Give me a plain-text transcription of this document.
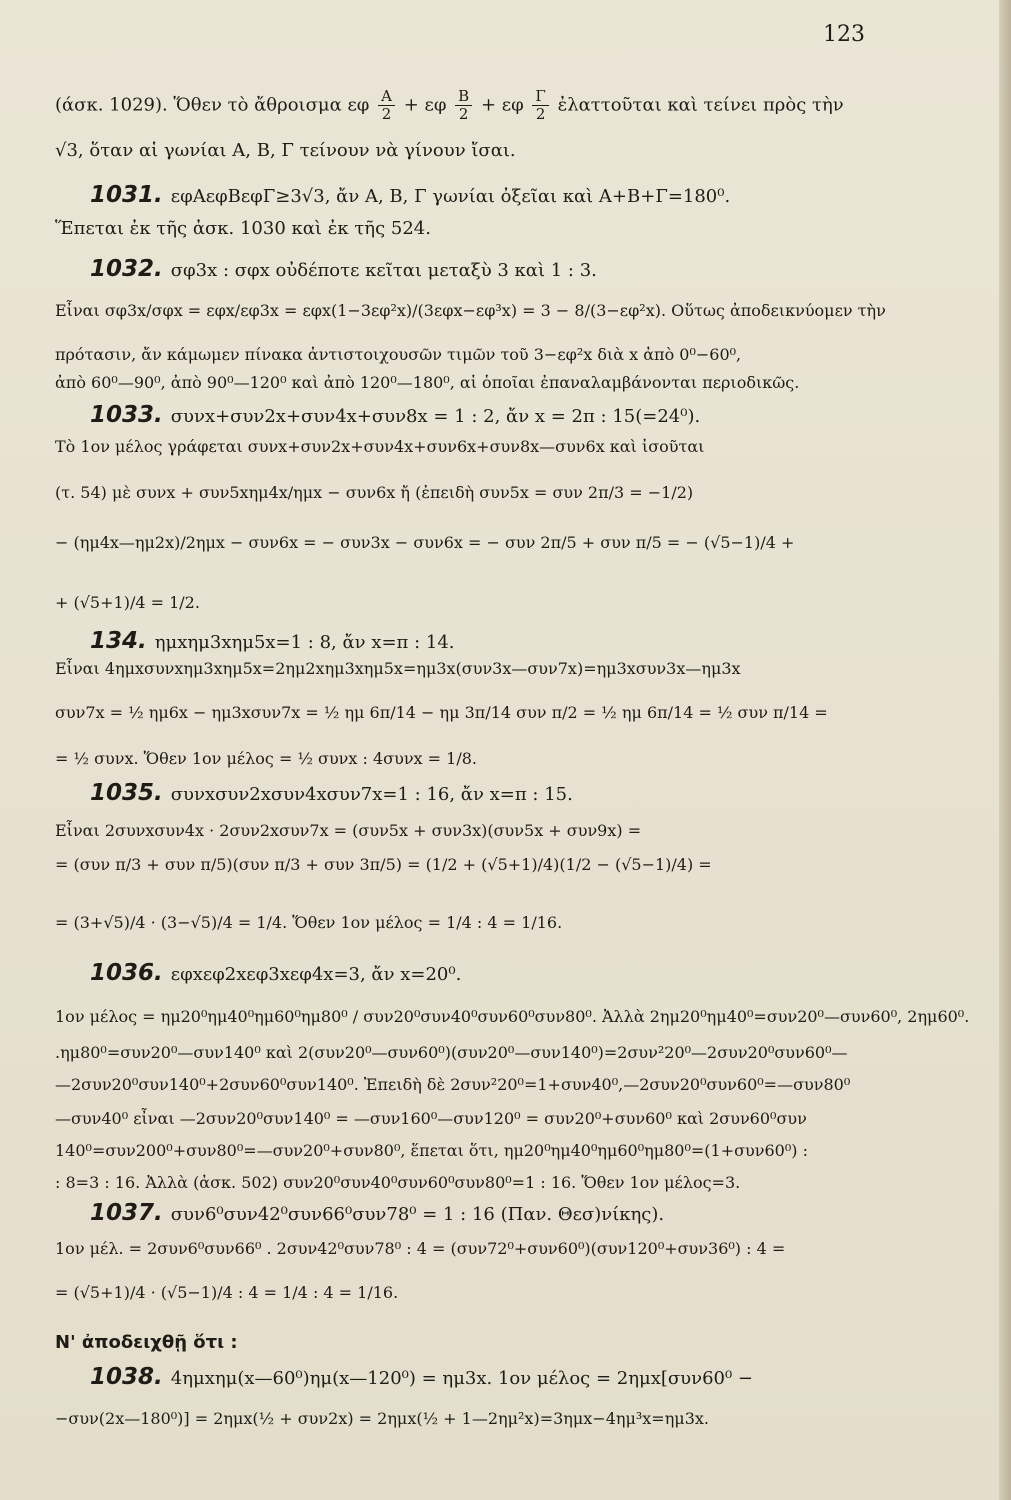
123
(άσκ. 1029). Ὅθεν τὸ ἄθροισμα εφ $\frac{A}{2} + \varepsilon\varphi \frac{B}{2} + \varepsilon\varphi \frac{\Gamma}{2}$ ἐλαττοῦται καὶ τείνει πρὸς τὴν
√3, ὅταν αἱ γωνίαι Α, Β, Γ τείνουν νὰ γίνουν ἴσαι.
1031. εφΑεφΒεφΓ≥3√3, ἄν Α, Β, Γ γωνίαι ὀξεῖαι καὶ Α+Β+Γ=180⁰.
Ἕπεται ἐκ τῆς ἀσκ. 1030 καὶ ἐκ τῆς 524.
1032. σφ3x : σφx οὐδέποτε κεῖται μεταξὺ 3 καὶ 1 : 3.
Εἶναι σφ3x/σφx = εφx/εφ3x = εφx(1−3εφ²x)/(3εφx−εφ³x) = 3 − 8/(3−εφ²x). Οὕτως ἀποδεικνύομεν τὴν
πρότασιν, ἄν κάμωμεν πίνακα ἀντιστοιχουσῶν τιμῶν τοῦ 3−εφ²x διὰ x ἀπὸ 0⁰−60⁰,
ἀπὸ 60⁰—90⁰, ἀπὸ 90⁰—120⁰ καὶ ἀπὸ 120⁰—180⁰, αἱ ὁποῖαι ἐπαναλαμβάνονται περιοδικῶς.
1033. συνx+συν2x+συν4x+συν8x = 1 : 2, ἄν x = 2π : 15(=24⁰).
Τὸ 1ον μέλος γράφεται συνx+συν2x+συν4x+συν6x+συν8x—συν6x καὶ ἰσοῦται
(τ. 54) μὲ συνx + συν5xημ4x/ημx − συν6x ἤ (ἐπειδὴ συν5x = συν 2π/3 = −1/2)
− (ημ4x—ημ2x)/2ημx − συν6x = − συν3x − συν6x = − συν 2π/5 + συν π/5 = − (√5−1)/4 +
+ (√5+1)/4 = 1/2.
134. ημxημ3xημ5x=1 : 8, ἄν x=π : 14.
Εἶναι 4ημxσυνxημ3xημ5x=2ημ2xημ3xημ5x=ημ3x(συν3x—συν7x)=ημ3xσυν3x—ημ3x
συν7x = ½ ημ6x − ημ3xσυν7x = ½ ημ 6π/14 − ημ 3π/14 συν π/2 = ½ ημ 6π/14 = ½ συν π/14 =
= ½ συνx. Ὅθεν 1ον μέλος = ½ συνx : 4συνx = 1/8.
1035. συνxσυν2xσυν4xσυν7x=1 : 16, ἄν x=π : 15.
Εἶναι 2συνxσυν4x · 2συν2xσυν7x = (συν5x + συν3x)(συν5x + συν9x) =
= (συν π/3 + συν π/5)(συν π/3 + συν 3π/5) = (1/2 + (√5+1)/4)(1/2 − (√5−1)/4) =
= (3+√5)/4 · (3−√5)/4 = 1/4. Ὅθεν 1ον μέλος = 1/4 : 4 = 1/16.
1036. εφxεφ2xεφ3xεφ4x=3, ἄν x=20⁰.
1ον μέλος = ημ20⁰ημ40⁰ημ60⁰ημ80⁰ / συν20⁰συν40⁰συν60⁰συν80⁰. Ἀλλὰ 2ημ20⁰ημ40⁰=συν20⁰—συν60⁰, 2ημ60⁰.
.ημ80⁰=συν20⁰—συν140⁰ καὶ 2(συν20⁰—συν60⁰)(συν20⁰—συν140⁰)=2συν²20⁰—2συν20⁰συν60⁰—
—2συν20⁰συν140⁰+2συν60⁰συν140⁰. Ἐπειδὴ δὲ 2συν²20⁰=1+συν40⁰,—2συν20⁰συν60⁰=—συν80⁰
—συν40⁰ εἶναι —2συν20⁰συν140⁰ = —συν160⁰—συν120⁰ = συν20⁰+συν60⁰ καὶ 2συν60⁰συν
140⁰=συν200⁰+συν80⁰=—συν20⁰+συν80⁰, ἕπεται ὅτι, ημ20⁰ημ40⁰ημ60⁰ημ80⁰=(1+συν60⁰) :
: 8=3 : 16. Ἀλλὰ (ἀσκ. 502) συν20⁰συν40⁰συν60⁰συν80⁰=1 : 16. Ὅθεν 1ον μέλος=3.
1037. συν6⁰συν42⁰συν66⁰συν78⁰ = 1 : 16 (Παν. Θεσ)νίκης).
1ον μέλ. = 2συν6⁰συν66⁰ . 2συν42⁰συν78⁰ : 4 = (συν72⁰+συν60⁰)(συν120⁰+συν36⁰) : 4 =
= (√5+1)/4 · (√5−1)/4 : 4 = 1/4 : 4 = 1/16.
Ν' ἀποδειχθῇ ὅτι :
1038. 4ημxημ(x—60⁰)ημ(x—120⁰) = ημ3x. 1ον μέλος = 2ημx[συν60⁰ −
−συν(2x—180⁰)] = 2ημx(½ + συν2x) = 2ημx(½ + 1—2ημ²x)=3ημx−4ημ³x=ημ3x.
